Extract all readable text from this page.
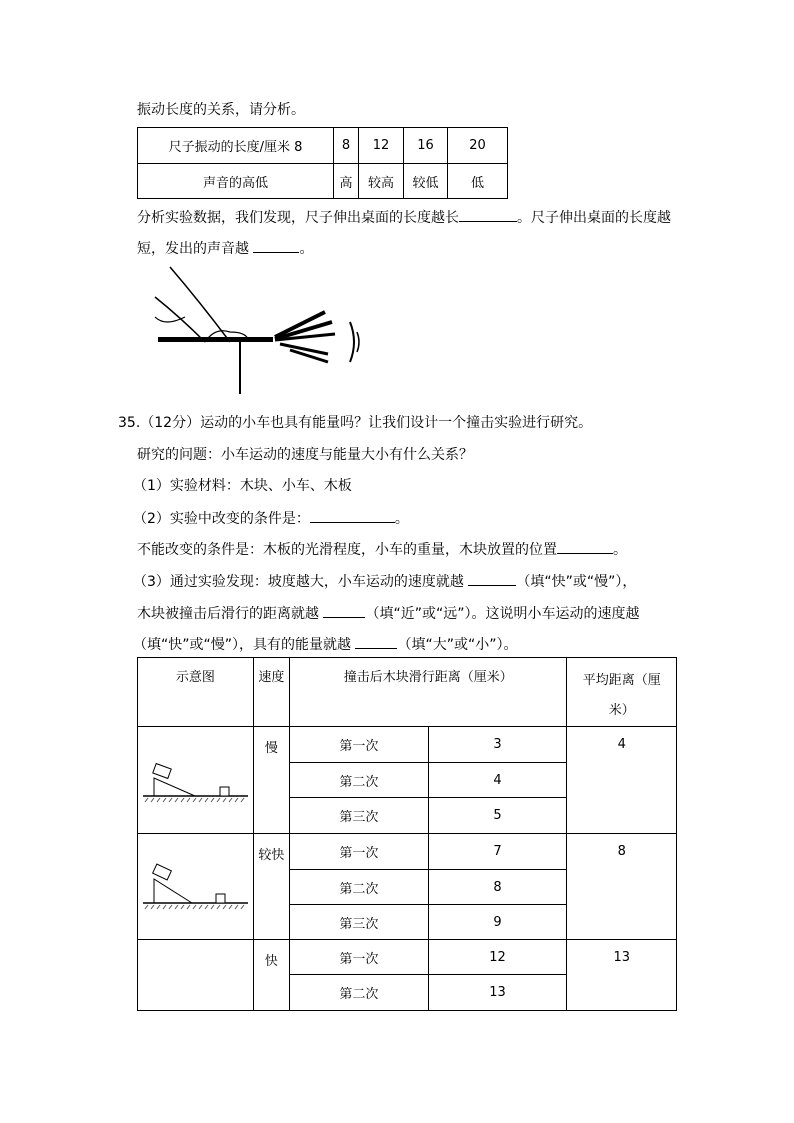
振动长度的关系，请分析。
尺子振动的长度/厘米 8	8	12	16	20
声音的高低	高	较高	较低	低
分析实验数据，我们发现，尺子伸出桌面的长度越长	。尺子伸出桌面的长度越
短，发出的声音越	。
35.（12分）运动的小车也具有能量吗？让我们设计一个撞击实验进行研究。
研究的问题：小车运动的速度与能量大小有什么关系？
（1）实验材料：木块、小车、木板
（2）实验中改变的条件是：	。
不能改变的条件是：木板的光滑程度，小车的重量，木块放置的位置	。
（3）通过实验发现：坡度越大，小车运动的速度就越	（填“快”或“慢”），
木块被撞击后滑行的距离就越	（填“近”或“远”）。这说明小车运动的速度越
（填“快”或“慢”），具有的能量就越	（填“大”或“小”）。
示意图	速度	撞击后木块滑行距离（厘米）		平均距离（厘米）
	慢	第一次	3	4
		第二次	4	
		第三次	5	
	较快	第一次	7	8
		第二次	8	
		第三次	9	
	快	第一次	12	13
		第二次	13	
